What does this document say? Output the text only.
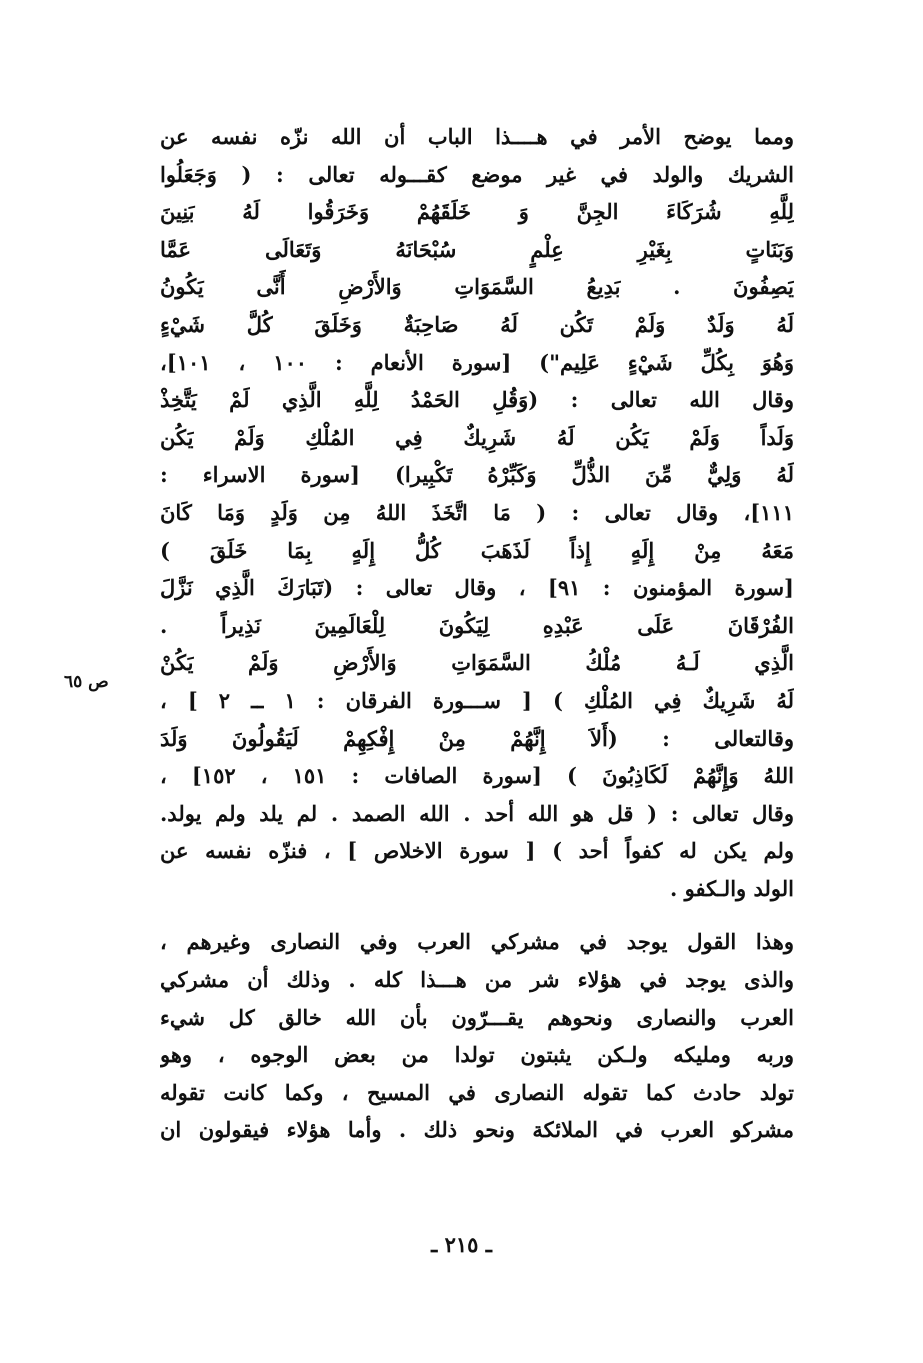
ص ٦٥
ومما يوضح الأمر في هــــذا الباب أن الله نزّه نفسه عن
الشريك والولد في غير موضع كقـــوله تعالى : ( وَجَعَلُوا
لِلَّهِ شُرَكَاءَ الجِنَّ وَ خَلَقَهُمْ وَخَرَقُوا لَهُ بَنِينَ
وَبَنَاتٍ بِغَيْرِ عِلْمٍ سُبْحَانَهُ وَتَعَالَى عَمَّا
يَصِفُونَ . بَدِيعُ السَّمَوَاتِ وَالأَرْضِ أَنَّى يَكُونُ
لَهُ وَلَدٌ وَلَمْ تَكُن لَهُ صَاحِبَةٌ وَخَلَقَ كُلَّ شَيْءٍ
وَهُوَ بِكُلِّ شَيْءٍ عَلِيم") [سورة الأنعام : ١٠٠ ، ١٠١]،
وقال الله تعالى : (وَقُلِ الحَمْدُ لِلَّهِ الَّذِي لَمْ يَتَّخِذْ
وَلَداً وَلَمْ يَكُن لَهُ شَرِيكٌ فِي المُلْكِ وَلَمْ يَكُن
لَهُ وَلِيٌّ مِّنَ الذُّلِّ وَكَبِّرْهُ تَكْبِيرا) [سورة الاسراء :
١١١]، وقال تعالى : ( مَا اتَّخَذَ اللهُ مِن وَلَدٍ وَمَا كَانَ
مَعَهُ مِنْ إِلَهٍ إِذاً لَذَهَبَ كُلُّ إِلَهٍ بِمَا خَلَقَ )
[سورة المؤمنون : ٩١] ، وقال تعالى : (تَبَارَكَ الَّذِي نَزَّلَ
الفُرْقَانَ عَلَى عَبْدِهِ لِيَكُونَ لِلْعَالَمِينَ نَذِيراً .
الَّذِي لَـهُ مُلْكُ السَّمَوَاتِ وَالأَرْضِ وَلَمْ يَكُنْ
لَهُ شَرِيكٌ فِي المُلْكِ ) [ ســـورة الفرقان : ١ ــ ٢ ] ،
وقالتعالى : (أَلاَ إِنَّهُمْ مِنْ إِفْكِهِمْ لَيَقُولُونَ وَلَدَ
اللهُ وَإِنَّهُمْ لَكَاذِبُونَ ) [سورة الصافات : ١٥١ ، ١٥٢] ،
وقال تعالى : ( قل هو الله أحد . الله الصمد . لم يلد ولم يولد.
ولم يكن له كفواً أحد ) [ سورة الاخلاص ] ، فنزّه نفسه عن
الولد والـكفو .
وهذا القول يوجد في مشركي العرب وفي النصارى وغيرهم ،
والذى يوجد في هؤلاء شر من هـــذا كله . وذلك أن مشركي
العرب والنصارى ونحوهم يقـــرّون بأن الله خالق كل شيء
وربه ومليكه ولـكن يثبتون تولدا من بعض الوجوه ، وهو
تولد حادث كما تقوله النصارى في المسيح ، وكما كانت تقوله
مشركو العرب في الملائكة ونحو ذلك . وأما هؤلاء فيقولون ان
ـ ٢١٥ ـ
